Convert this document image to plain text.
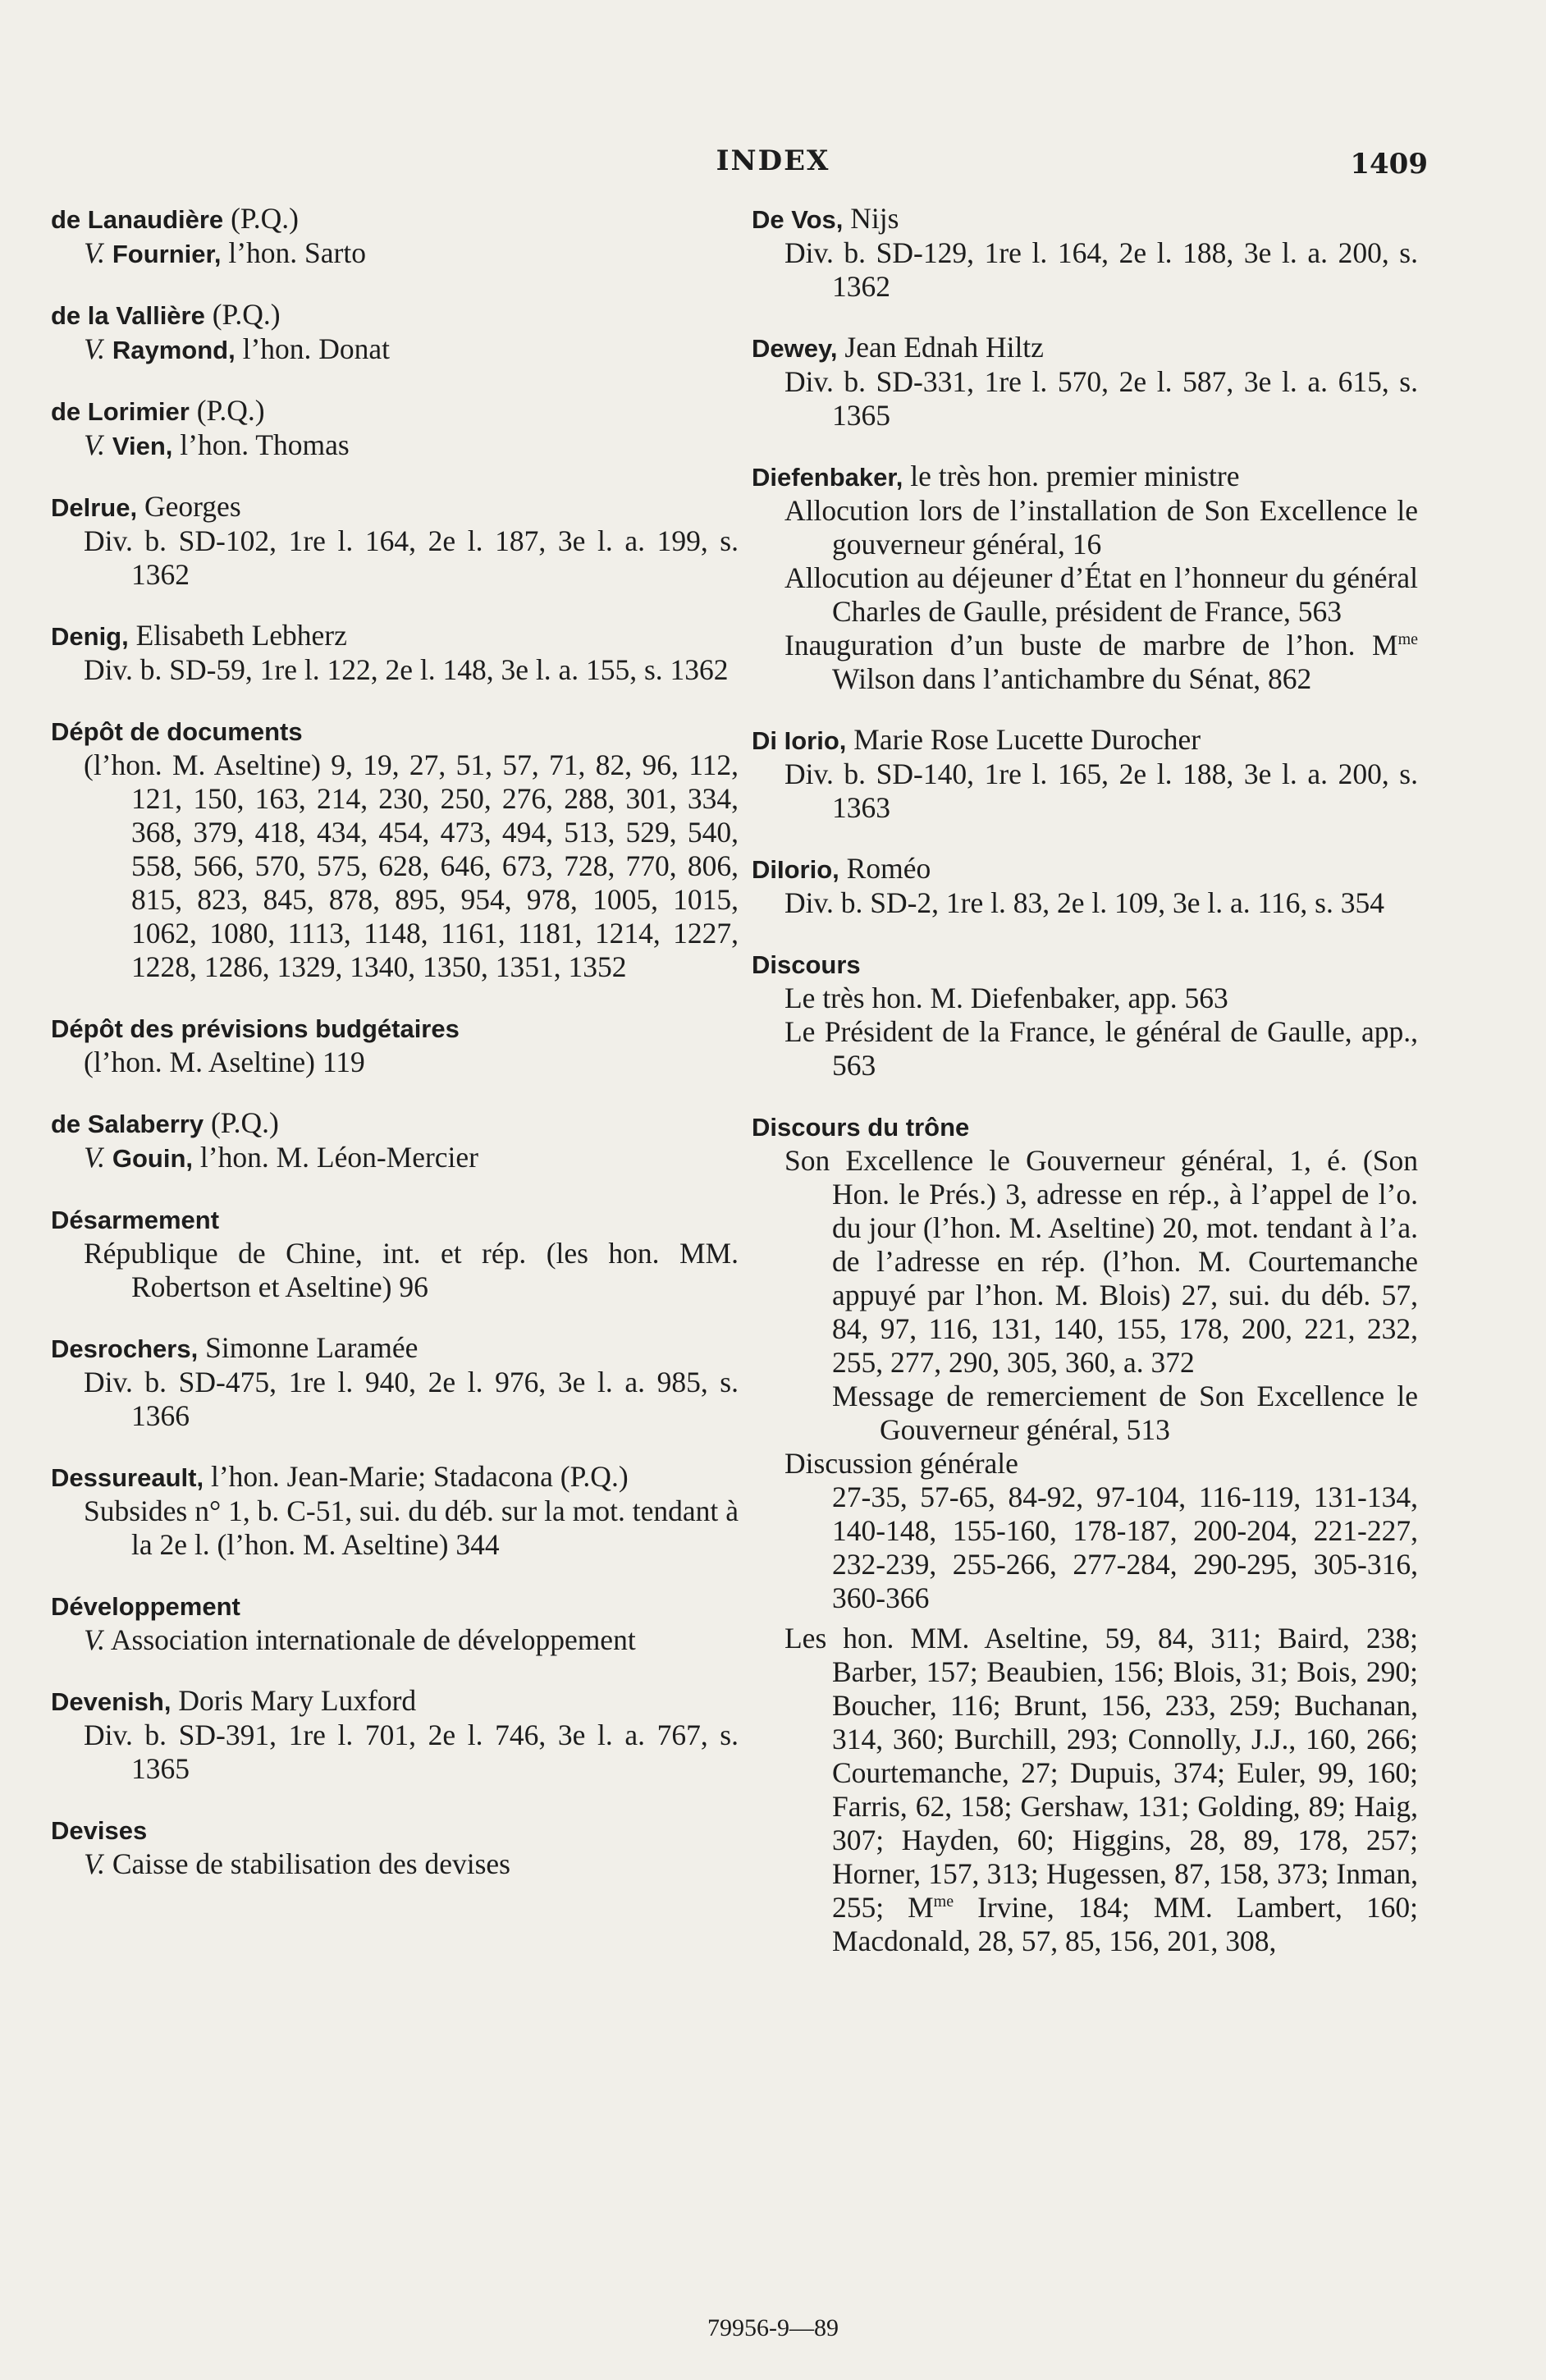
INDEX	1409
de Lanaudière (P.Q.)
V. Fournier, l’hon. Sarto
de la Vallière (P.Q.)
V. Raymond, l’hon. Donat
de Lorimier (P.Q.)
V. Vien, l’hon. Thomas
Delrue, Georges
Div. b. SD-102, 1re l. 164, 2e l. 187, 3e l. a. 199, s. 1362
Denig, Elisabeth Lebherz
Div. b. SD-59, 1re l. 122, 2e l. 148, 3e l. a. 155, s. 1362
Dépôt de documents
(l’hon. M. Aseltine) 9, 19, 27, 51, 57, 71, 82, 96, 112, 121, 150, 163, 214, 230, 250, 276, 288, 301, 334, 368, 379, 418, 434, 454, 473, 494, 513, 529, 540, 558, 566, 570, 575, 628, 646, 673, 728, 770, 806, 815, 823, 845, 878, 895, 954, 978, 1005, 1015, 1062, 1080, 1113, 1148, 1161, 1181, 1214, 1227, 1228, 1286, 1329, 1340, 1350, 1351, 1352
Dépôt des prévisions budgétaires
(l’hon. M. Aseltine) 119
de Salaberry (P.Q.)
V. Gouin, l’hon. M. Léon-Mercier
Désarmement
République de Chine, int. et rép. (les hon. MM. Robertson et Aseltine) 96
Desrochers, Simonne Laramée
Div. b. SD-475, 1re l. 940, 2e l. 976, 3e l. a. 985, s. 1366
Dessureault, l’hon. Jean-Marie; Stadacona (P.Q.)
Subsides n° 1, b. C-51, sui. du déb. sur la mot. tendant à la 2e l. (l’hon. M. Aseltine) 344
Développement
V. Association internationale de développement
Devenish, Doris Mary Luxford
Div. b. SD-391, 1re l. 701, 2e l. 746, 3e l. a. 767, s. 1365
Devises
V. Caisse de stabilisation des devises
De Vos, Nijs
Div. b. SD-129, 1re l. 164, 2e l. 188, 3e l. a. 200, s. 1362
Dewey, Jean Ednah Hiltz
Div. b. SD-331, 1re l. 570, 2e l. 587, 3e l. a. 615, s. 1365
Diefenbaker, le très hon. premier ministre
Allocution lors de l’installation de Son Excellence le gouverneur général, 16
Allocution au déjeuner d’État en l’honneur du général Charles de Gaulle, président de France, 563
Inauguration d’un buste de marbre de l’hon. $M^{me}$ Wilson dans l’antichambre du Sénat, 862
Di Iorio, Marie Rose Lucette Durocher
Div. b. SD-140, 1re l. 165, 2e l. 188, 3e l. a. 200, s. 1363
DiIorio, Roméo
Div. b. SD-2, 1re l. 83, 2e l. 109, 3e l. a. 116, s. 354
Discours
Le très hon. M. Diefenbaker, app. 563
Le Président de la France, le général de Gaulle, app., 563
Discours du trône
Son Excellence le Gouverneur général, 1, é. (Son Hon. le Prés.) 3, adresse en rép., à l’appel de l’o. du jour (l’hon. M. Aseltine) 20, mot. tendant à l’a. de l’adresse en rép. (l’hon. M. Courtemanche appuyé par l’hon. M. Blois) 27, sui. du déb. 57, 84, 97, 116, 131, 140, 155, 178, 200, 221, 232, 255, 277, 290, 305, 360, a. 372
Message de remerciement de Son Excellence le Gouverneur général, 513
Discussion générale
27-35, 57-65, 84-92, 97-104, 116-119, 131-134, 140-148, 155-160, 178-187, 200-204, 221-227, 232-239, 255-266, 277-284, 290-295, 305-316, 360-366
Les hon. MM. Aseltine, 59, 84, 311; Baird, 238; Barber, 157; Beaubien, 156; Blois, 31; Bois, 290; Boucher, 116; Brunt, 156, 233, 259; Buchanan, 314, 360; Burchill, 293; Connolly, J.J., 160, 266; Courtemanche, 27; Dupuis, 374; Euler, 99, 160; Farris, 62, 158; Gershaw, 131; Golding, 89; Haig, 307; Hayden, 60; Higgins, 28, 89, 178, 257; Horner, 157, 313; Hugessen, 87, 158, 373; Inman, 255; $M^{me}$ Irvine, 184; MM. Lambert, 160; Macdonald, 28, 57, 85, 156, 201, 308,
79956-9—89
